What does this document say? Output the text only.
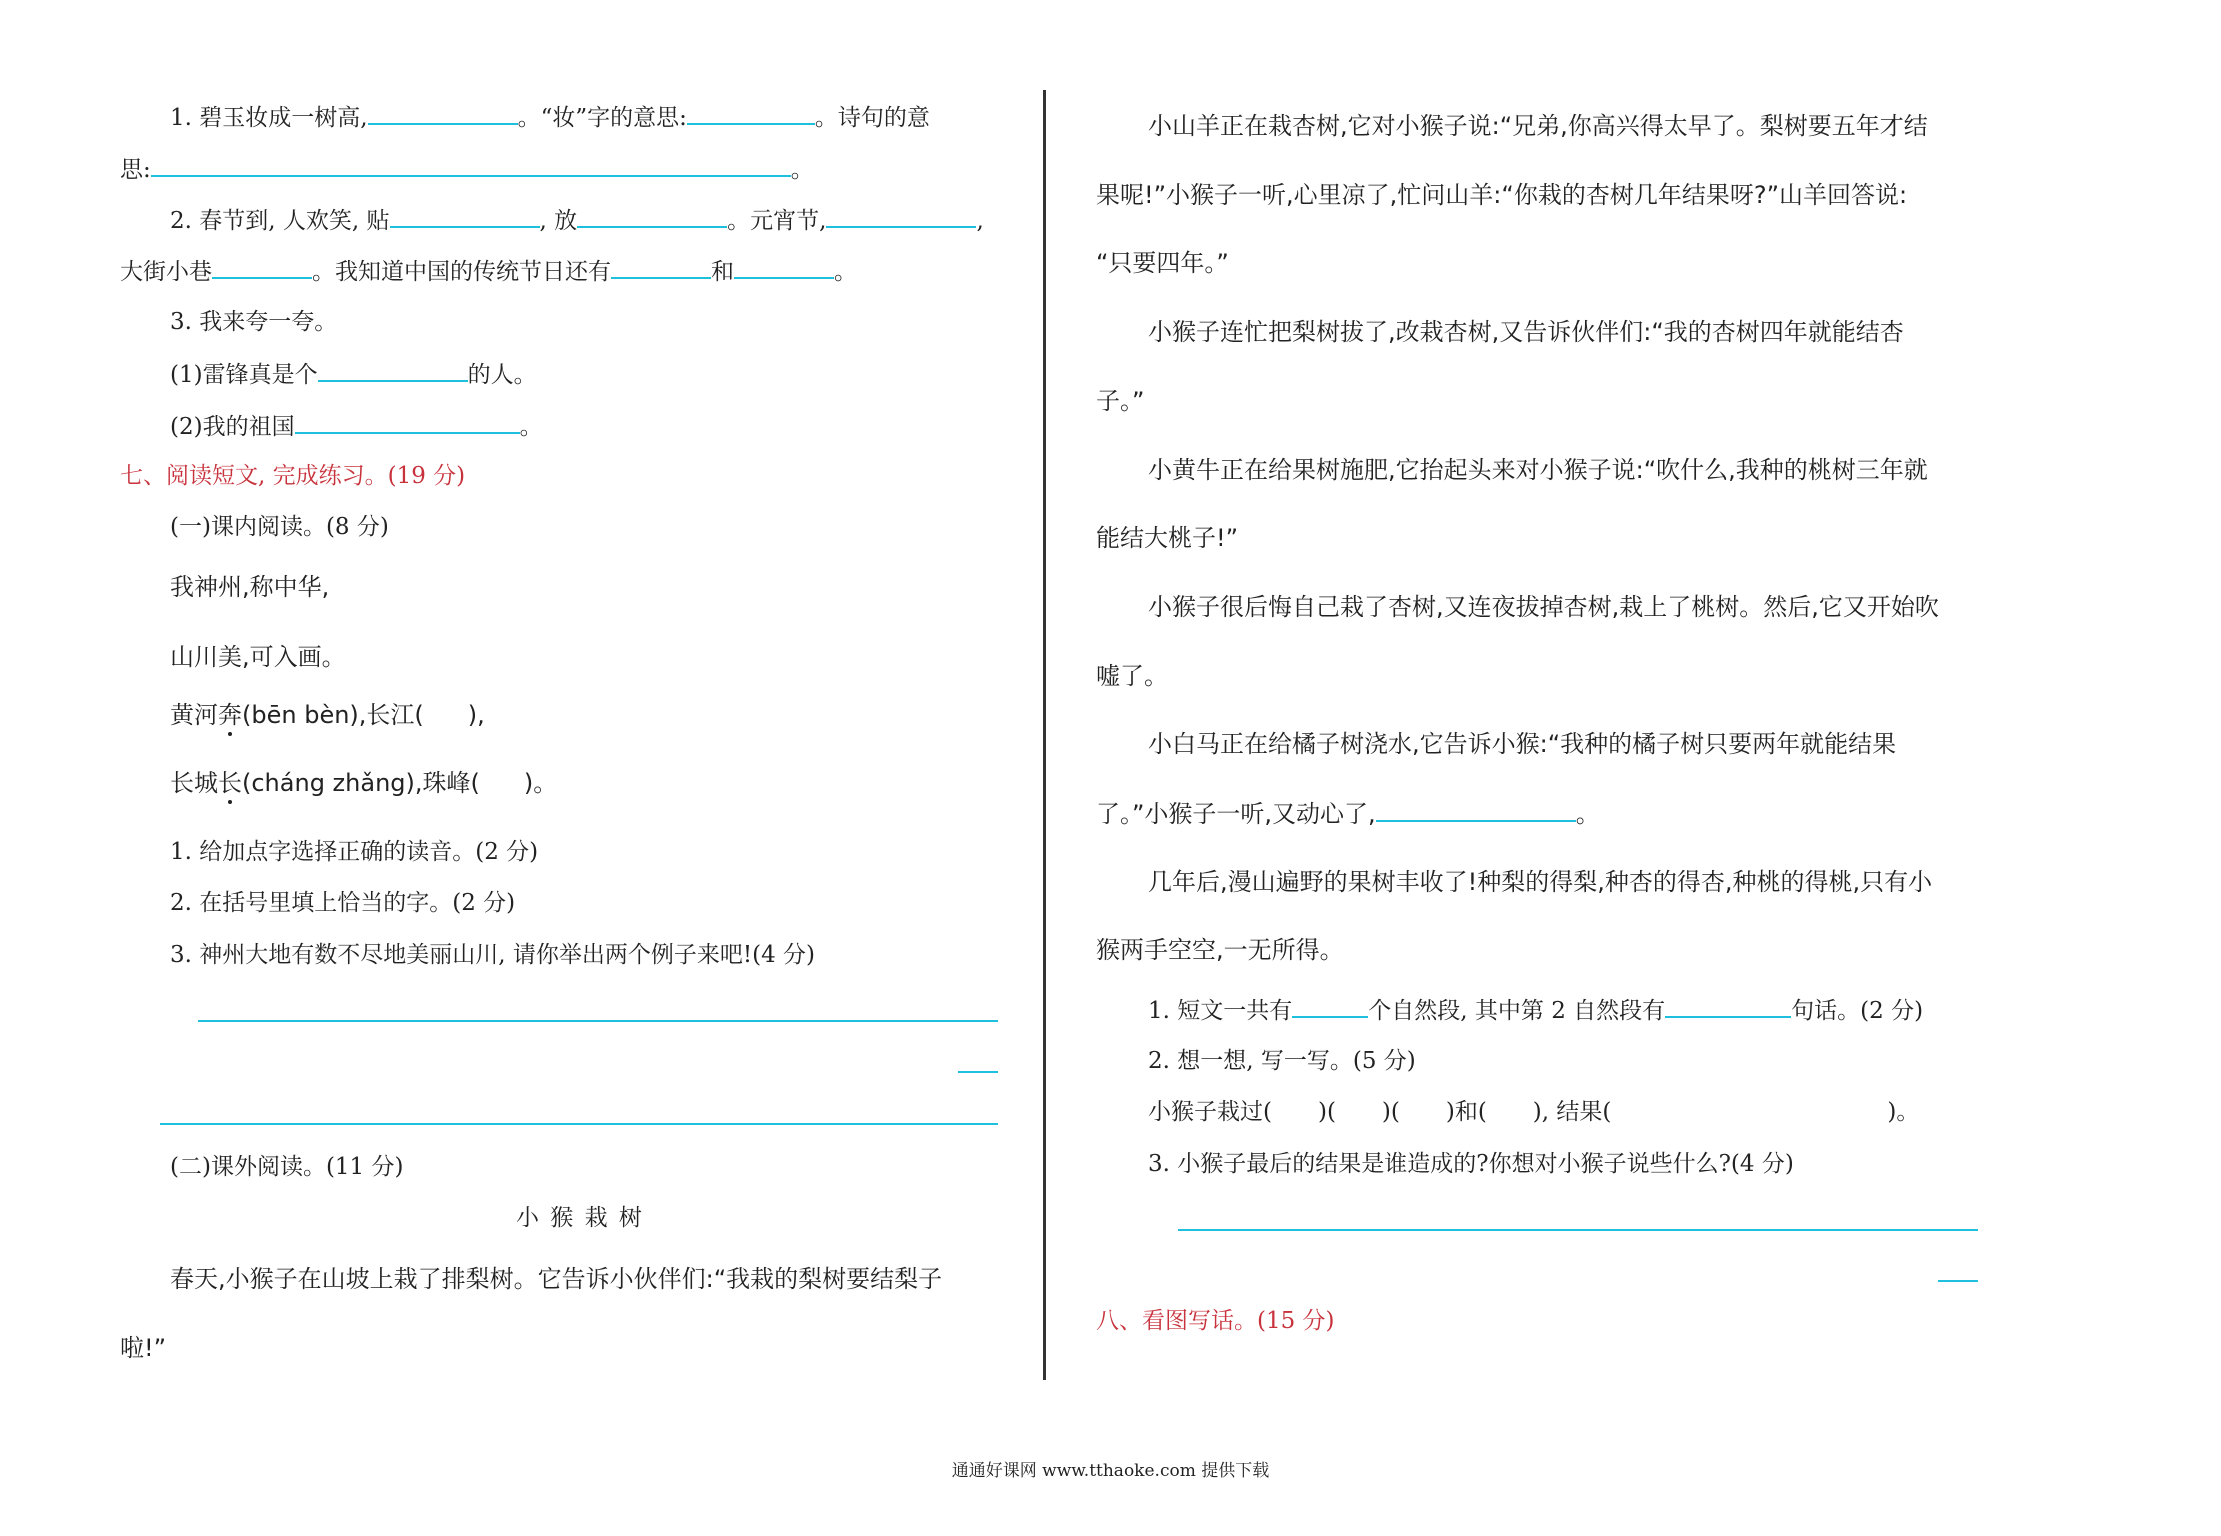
1. 碧玉妆成一树高,	。“妆”字的意思:	。诗句的意
思:	。
2. 春节到, 人欢笑, 贴	, 放	。元宵节,	,
大街小巷	。我知道中国的传统节日还有	和	。
3. 我来夸一夸。
(1)雷锋真是个	的人。
(2)我的祖国	。
七、阅读短文, 完成练习。(19 分)
(一)课内阅读。(8 分)
我神州,称中华,
山川美,可入画。
黄河奔(bēn bèn),长江( ),
长城长(cháng zhǎng),珠峰( )。
1. 给加点字选择正确的读音。(2 分)
2. 在括号里填上恰当的字。(2 分)
3. 神州大地有数不尽地美丽山川, 请你举出两个例子来吧!(4 分)
(二)课外阅读。(11 分)
小 猴 栽 树
春天,小猴子在山坡上栽了排梨树。它告诉小伙伴们:“我栽的梨树要结梨子
啦!”
小山羊正在栽杏树,它对小猴子说:“兄弟,你高兴得太早了。梨树要五年才结
果呢!”小猴子一听,心里凉了,忙问山羊:“你栽的杏树几年结果呀?”山羊回答说:
“只要四年。”
小猴子连忙把梨树拔了,改栽杏树,又告诉伙伴们:“我的杏树四年就能结杏
子。”
小黄牛正在给果树施肥,它抬起头来对小猴子说:“吹什么,我种的桃树三年就
能结大桃子!”
小猴子很后悔自己栽了杏树,又连夜拔掉杏树,栽上了桃树。然后,它又开始吹
嘘了。
小白马正在给橘子树浇水,它告诉小猴:“我种的橘子树只要两年就能结果
了。”小猴子一听,又动心了,	。
几年后,漫山遍野的果树丰收了!种梨的得梨,种杏的得杏,种桃的得桃,只有小
猴两手空空,一无所得。
1. 短文一共有	个自然段, 其中第 2 自然段有	句话。(2 分)
2. 想一想, 写一写。(5 分)
小猴子栽过(　　)(　　)(　　)和(　　), 结果(　　　　　　　　　　　　)。
3. 小猴子最后的结果是谁造成的?你想对小猴子说些什么?(4 分)
八、看图写话。(15 分)
通通好课网 www.tthaoke.com 提供下载
